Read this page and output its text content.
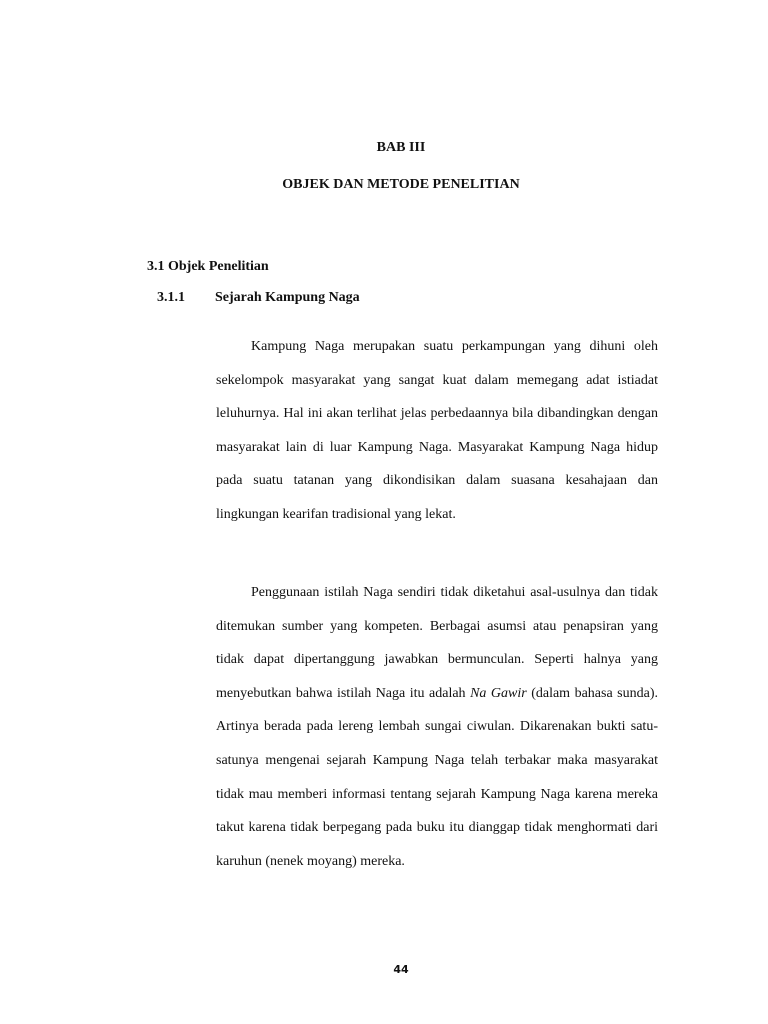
BAB III
OBJEK DAN METODE PENELITIAN
3.1 Objek Penelitian
3.1.1 Sejarah Kampung Naga

Kampung Naga merupakan suatu perkampungan yang dihuni oleh sekelompok masyarakat yang sangat kuat dalam memegang adat istiadat leluhurnya. Hal ini akan terlihat jelas perbedaannya bila dibandingkan dengan masyarakat lain di luar Kampung Naga. Masyarakat Kampung Naga hidup pada suatu tatanan yang dikondisikan dalam suasana kesahajaan dan lingkungan kearifan tradisional yang lekat.

Penggunaan istilah Naga sendiri tidak diketahui asal-usulnya dan tidak ditemukan sumber yang kompeten. Berbagai asumsi atau penapsiran yang tidak dapat dipertanggung jawabkan bermunculan. Seperti halnya yang menyebutkan bahwa istilah Naga itu adalah Na Gawir (dalam bahasa sunda). Artinya berada pada lereng lembah sungai ciwulan. Dikarenakan bukti satu-satunya mengenai sejarah Kampung Naga telah terbakar maka masyarakat tidak mau memberi informasi tentang sejarah Kampung Naga karena mereka takut karena tidak berpegang pada buku itu dianggap tidak menghormati dari karuhun (nenek moyang) mereka.

44
